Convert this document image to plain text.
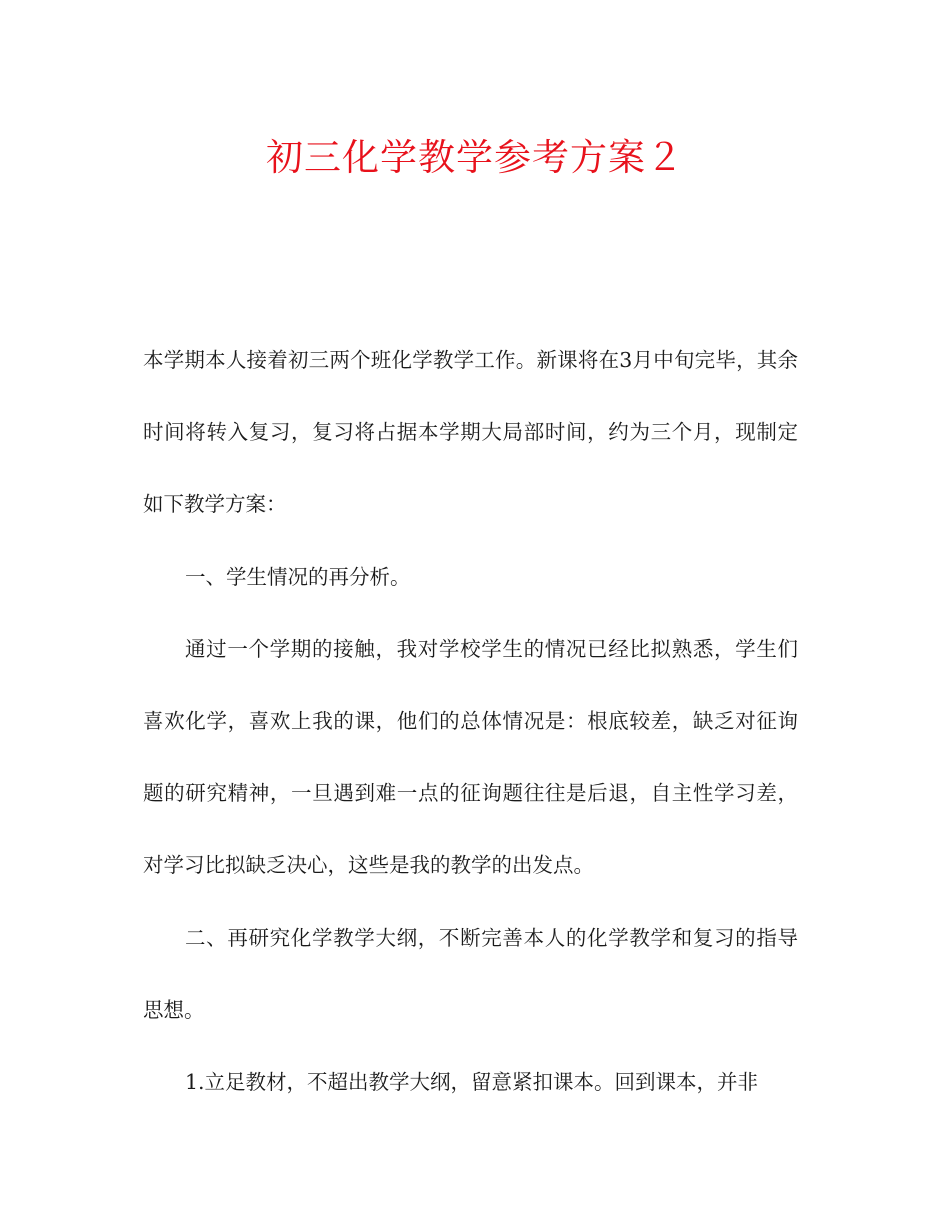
初三化学教学参考方案２

本学期本人接着初三两个班化学教学工作。新课将在3月中旬完毕，其余时间将转入复习，复习将占据本学期大局部时间，约为三个月，现制定如下教学方案：

一、学生情况的再分析。

通过一个学期的接触，我对学校学生的情况已经比拟熟悉，学生们喜欢化学，喜欢上我的课，他们的总体情况是：根底较差，缺乏对征询题的研究精神，一旦遇到难一点的征询题往往是后退，自主性学习差，对学习比拟缺乏决心，这些是我的教学的出发点。

二、再研究化学教学大纲，不断完善本人的化学教学和复习的指导思想。

1.立足教材，不超出教学大纲，留意紧扣课本。回到课本，并非
